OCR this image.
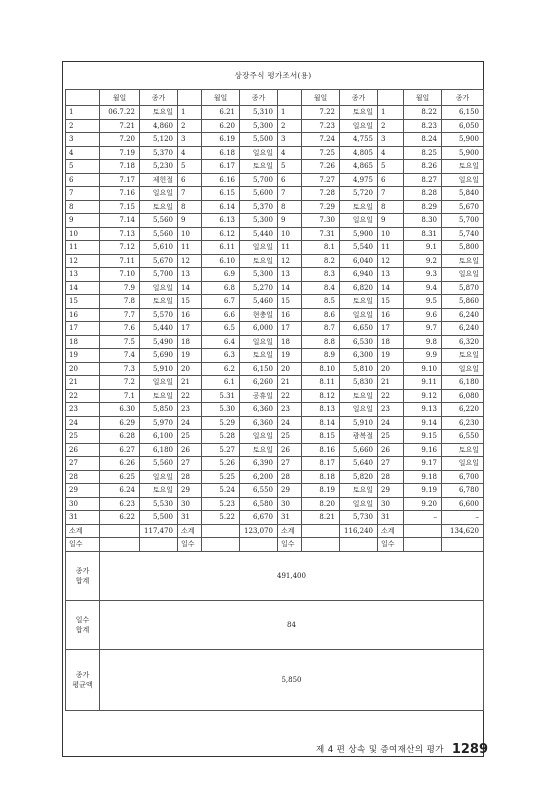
상장주식 평가조서(용)
	월일	종가		월일	종가		월일	종가		월일	종가
1	06.7.22	토요일	1	6.21	5,310	1	7.22	토요일	1	8.22	6,150
2	7.21	4,860	2	6.20	5,300	2	7.23	일요일	2	8.23	6,050
3	7.20	5,120	3	6.19	5,500	3	7.24	4,755	3	8.24	5,900
4	7.19	5,370	4	6.18	일요일	4	7.25	4,805	4	8.25	5,900
5	7.18	5,230	5	6.17	토요일	5	7.26	4,865	5	8.26	토요일
6	7.17	제헌절	6	6.16	5,700	6	7.27	4,975	6	8.27	일요일
7	7.16	일요일	7	6.15	5,600	7	7.28	5,720	7	8.28	5,840
8	7.15	토요일	8	6.14	5,370	8	7.29	토요일	8	8.29	5,670
9	7.14	5,560	9	6.13	5,300	9	7.30	일요일	9	8.30	5,700
10	7.13	5,560	10	6.12	5,440	10	7.31	5,900	10	8.31	5,740
11	7.12	5,610	11	6.11	일요일	11	8.1	5,540	11	9.1	5,800
12	7.11	5,670	12	6.10	토요일	12	8.2	6,040	12	9.2	토요일
13	7.10	5,700	13	6.9	5,300	13	8.3	6,940	13	9.3	일요일
14	7.9	일요일	14	6.8	5,270	14	8.4	6,820	14	9.4	5,870
15	7.8	토요일	15	6.7	5,460	15	8.5	토요일	15	9.5	5,860
16	7.7	5,570	16	6.6	현충일	16	8.6	일요일	16	9.6	6,240
17	7.6	5,440	17	6.5	6,000	17	8.7	6,650	17	9.7	6,240
18	7.5	5,490	18	6.4	일요일	18	8.8	6,530	18	9.8	6,320
19	7.4	5,690	19	6.3	토요일	19	8.9	6,300	19	9.9	토요일
20	7.3	5,910	20	6.2	6,150	20	8.10	5,810	20	9.10	일요일
21	7.2	일요일	21	6.1	6,260	21	8.11	5,830	21	9.11	6,180
22	7.1	토요일	22	5.31	공휴일	22	8.12	토요일	22	9.12	6,080
23	6.30	5,850	23	5.30	6,360	23	8.13	일요일	23	9.13	6,220
24	6.29	5,970	24	5.29	6,360	24	8.14	5,910	24	9.14	6,230
25	6.28	6,100	25	5.28	일요일	25	8.15	광복절	25	9.15	6,550
26	6.27	6,180	26	5.27	토요일	26	8.16	5,660	26	9.16	토요일
27	6.26	5,560	27	5.26	6,390	27	8.17	5,640	27	9.17	일요일
28	6.25	일요일	28	5.25	6,200	28	8.18	5,820	28	9.18	6,700
29	6.24	토요일	29	5.24	6,550	29	8.19	토요일	29	9.19	6,780
30	6.23	5,530	30	5.23	6,580	30	8.20	일요일	30	9.20	6,600
31	6.22	5,500	31	5.22	6,670	31	8.21	5,730	31	–	–
소계		117,470	소계		123,070	소계		116,240	소계		134,620
일수			일수			일수			일수		
종가
합계	491,400										
일수
합계	84										
종가
평균액	5,850										
제 4 편 상속 및 증여재산의 평가 1289
